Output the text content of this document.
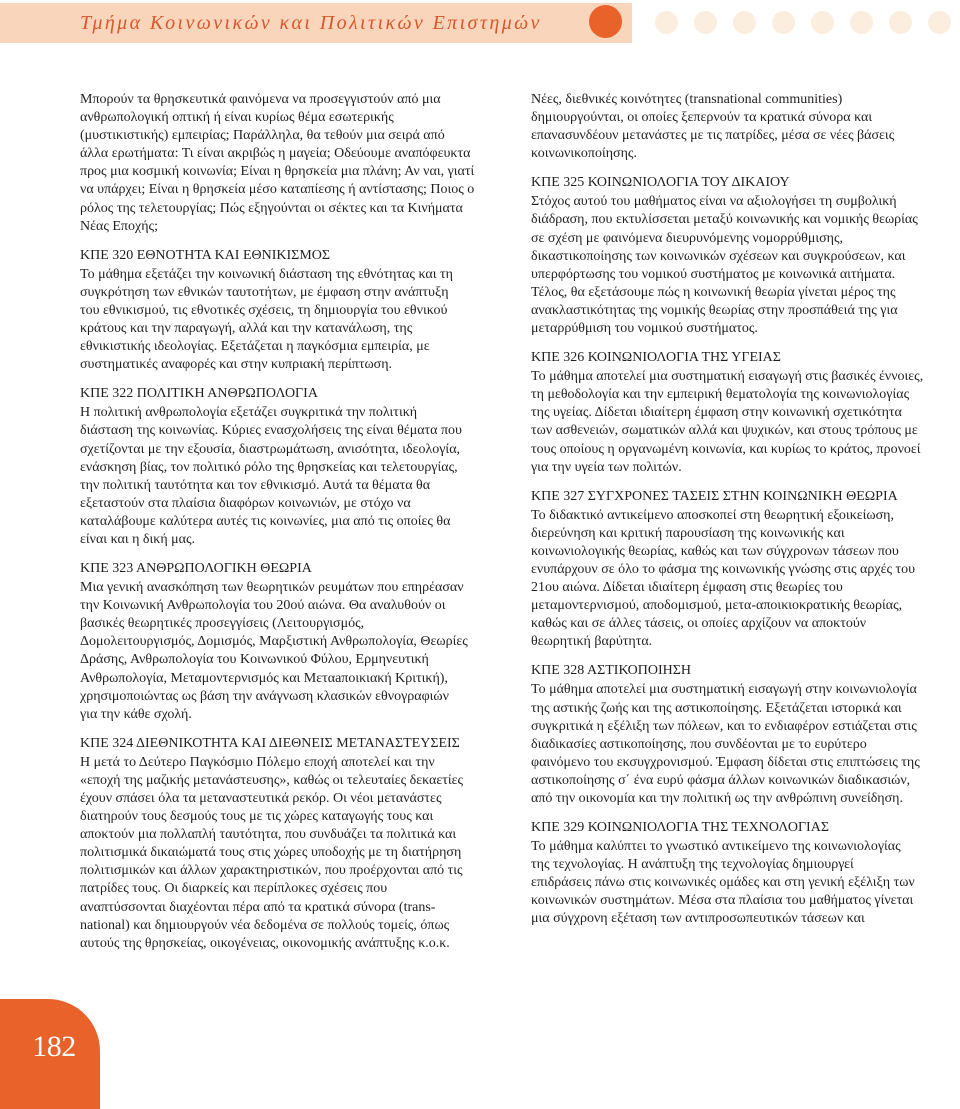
Τμήμα Κοινωνικών και Πολιτικών Επιστημών
Μπορούν τα θρησκευτικά φαινόμενα να προσεγγιστούν από μια
ανθρωπολογική οπτική ή είναι κυρίως θέμα εσωτερικής
(μυστικιστικής) εμπειρίας; Παράλληλα, θα τεθούν μια σειρά από
άλλα ερωτήματα: Τι είναι ακριβώς η μαγεία; Οδεύουμε αναπόφευκτα
προς μια κοσμική κοινωνία; Είναι η θρησκεία μια πλάνη; Αν ναι, γιατί
να υπάρχει; Είναι η θρησκεία μέσο καταπίεσης ή αντίστασης; Ποιος ο
ρόλος της τελετουργίας; Πώς εξηγούνται οι σέκτες και τα Κινήματα
Νέας Εποχής;
ΚΠΕ 320 ΕΘΝΟΤΗΤΑ ΚΑΙ ΕΘΝΙΚΙΣΜΟΣ
Το μάθημα εξετάζει την κοινωνική διάσταση της εθνότητας και τη
συγκρότηση των εθνικών ταυτοτήτων, με έμφαση στην ανάπτυξη
του εθνικισμού, τις εθνοτικές σχέσεις, τη δημιουργία του εθνικού
κράτους και την παραγωγή, αλλά και την κατανάλωση, της
εθνικιστικής ιδεολογίας. Εξετάζεται η παγκόσμια εμπειρία, με
συστηματικές αναφορές και στην κυπριακή περίπτωση.
ΚΠΕ 322 ΠΟΛΙΤΙΚΗ ΑΝΘΡΩΠΟΛΟΓΙΑ
Η πολιτική ανθρωπολογία εξετάζει συγκριτικά την πολιτική
διάσταση της κοινωνίας. Κύριες ενασχολήσεις της είναι θέματα που
σχετίζονται με την εξουσία, διαστρωμάτωση, ανισότητα, ιδεολογία,
ενάσκηση βίας, τον πολιτικό ρόλο της θρησκείας και τελετουργίας,
την πολιτική ταυτότητα και τον εθνικισμό. Αυτά τα θέματα θα
εξεταστούν στα πλαίσια διαφόρων κοινωνιών, με στόχο να
καταλάβουμε καλύτερα αυτές τις κοινωνίες, μια από τις οποίες θα
είναι και η δική μας.
ΚΠΕ 323 ΑΝΘΡΩΠΟΛΟΓΙΚΗ ΘΕΩΡΙΑ
Μια γενική ανασκόπηση των θεωρητικών ρευμάτων που επηρέασαν
την Κοινωνική Ανθρωπολογία του 20ού αιώνα. Θα αναλυθούν οι
βασικές θεωρητικές προσεγγίσεις (Λειτουργισμός,
Δομολειτουργισμός, Δομισμός, Μαρξιστική Ανθρωπολογία, Θεωρίες
Δράσης, Ανθρωπολογία του Κοινωνικού Φύλου, Ερμηνευτική
Ανθρωπολογία, Μεταμοντερνισμός και Μεταaποικιακή Κριτική),
χρησιμοποιώντας ως βάση την ανάγνωση κλασικών εθνογραφιών
για την κάθε σχολή.
ΚΠΕ 324 ΔΙΕΘΝΙΚΟΤΗΤΑ ΚΑΙ ΔΙΕΘΝΕΙΣ ΜΕΤΑΝΑΣΤΕΥΣΕΙΣ
Η μετά το Δεύτερο Παγκόσμιο Πόλεμο εποχή αποτελεί και την
«εποχή της μαζικής μετανάστευσης», καθώς οι τελευταίες δεκαετίες
έχουν σπάσει όλα τα μεταναστευτικά ρεκόρ. Οι νέοι μετανάστες
διατηρούν τους δεσμούς τους με τις χώρες καταγωγής τους και
αποκτούν μια πολλαπλή ταυτότητα, που συνδυάζει τα πολιτικά και
πολιτισμικά δικαιώματά τους στις χώρες υποδοχής με τη διατήρηση
πολιτισμικών και άλλων χαρακτηριστικών, που προέρχονται από τις
πατρίδες τους. Οι διαρκείς και περίπλοκες σχέσεις που
αναπτύσσονται διαχέονται πέρα από τα κρατικά σύνορα (trans-
national) και δημιουργούν νέα δεδομένα σε πολλούς τομείς, όπως
αυτούς της θρησκείας, οικογένειας, οικονομικής ανάπτυξης κ.ο.κ.
Νέες, διεθνικές κοινότητες (transnational communities)
δημιουργούνται, οι οποίες ξεπερνούν τα κρατικά σύνορα και
επανασυνδέουν μετανάστες με τις πατρίδες, μέσα σε νέες βάσεις
κοινωνικοποίησης.
ΚΠΕ 325 ΚΟΙΝΩΝΙΟΛΟΓΙΑ ΤΟΥ ΔΙΚΑΙΟΥ
Στόχος αυτού του μαθήματος είναι να αξιολογήσει τη συμβολική
διάδραση, που εκτυλίσσεται μεταξύ κοινωνικής και νομικής θεωρίας
σε σχέση με φαινόμενα διευρυνόμενης νομορρύθμισης,
δικαστικοποίησης των κοινωνικών σχέσεων και συγκρούσεων, και
υπερφόρτωσης του νομικού συστήματος με κοινωνικά αιτήματα.
Τέλος, θα εξετάσουμε πώς η κοινωνική θεωρία γίνεται μέρος της
ανακλαστικότητας της νομικής θεωρίας στην προσπάθειά της για
μεταρρύθμιση του νομικού συστήματος.
ΚΠΕ 326 ΚΟΙΝΩΝΙΟΛΟΓΙΑ ΤΗΣ ΥΓΕΙΑΣ
Το μάθημα αποτελεί μια συστηματική εισαγωγή στις βασικές έννοιες,
τη μεθοδολογία και την εμπειρική θεματολογία της κοινωνιολογίας
της υγείας. Δίδεται ιδιαίτερη έμφαση στην κοινωνική σχετικότητα
των ασθενειών, σωματικών αλλά και ψυχικών, και στους τρόπους με
τους οποίους η οργανωμένη κοινωνία, και κυρίως το κράτος, προνοεί
για την υγεία των πολιτών.
ΚΠΕ 327 ΣΥΓΧΡΟΝΕΣ ΤΑΣΕΙΣ ΣΤΗΝ ΚΟΙΝΩΝΙΚΗ ΘΕΩΡΙΑ
Το διδακτικό αντικείμενο αποσκοπεί στη θεωρητική εξοικείωση,
διερεύνηση και κριτική παρουσίαση της κοινωνικής και
κοινωνιολογικής θεωρίας, καθώς και των σύγχρονων τάσεων που
ενυπάρχουν σε όλο το φάσμα της κοινωνικής γνώσης στις αρχές του
21ου αιώνα. Δίδεται ιδιαίτερη έμφαση στις θεωρίες του
μεταμοντερνισμού, αποδομισμού, μετα-αποικιοκρατικής θεωρίας,
καθώς και σε άλλες τάσεις, οι οποίες αρχίζουν να αποκτούν
θεωρητική βαρύτητα.
ΚΠΕ 328 ΑΣΤΙΚΟΠΟΙΗΣΗ
Το μάθημα αποτελεί μια συστηματική εισαγωγή στην κοινωνιολογία
της αστικής ζωής και της αστικοποίησης. Εξετάζεται ιστορικά και
συγκριτικά η εξέλιξη των πόλεων, και το ενδιαφέρον εστιάζεται στις
διαδικασίες αστικοποίησης, που συνδέονται με το ευρύτερο
φαινόμενο του εκσυγχρονισμού. Έμφαση δίδεται στις επιπτώσεις της
αστικοποίησης σ΄ ένα ευρύ φάσμα άλλων κοινωνικών διαδικασιών,
από την οικονομία και την πολιτική ως την ανθρώπινη συνείδηση.
ΚΠΕ 329 ΚΟΙΝΩΝΙΟΛΟΓΙΑ ΤΗΣ ΤΕΧΝΟΛΟΓΙΑΣ
Το μάθημα καλύπτει το γνωστικό αντικείμενο της κοινωνιολογίας
της τεχνολογίας. Η ανάπτυξη της τεχνολογίας δημιουργεί
επιδράσεις πάνω στις κοινωνικές ομάδες και στη γενική εξέλιξη των
κοινωνικών συστημάτων. Μέσα στα πλαίσια του μαθήματος γίνεται
μια σύγχρονη εξέταση των αντιπροσωπευτικών τάσεων και
182
